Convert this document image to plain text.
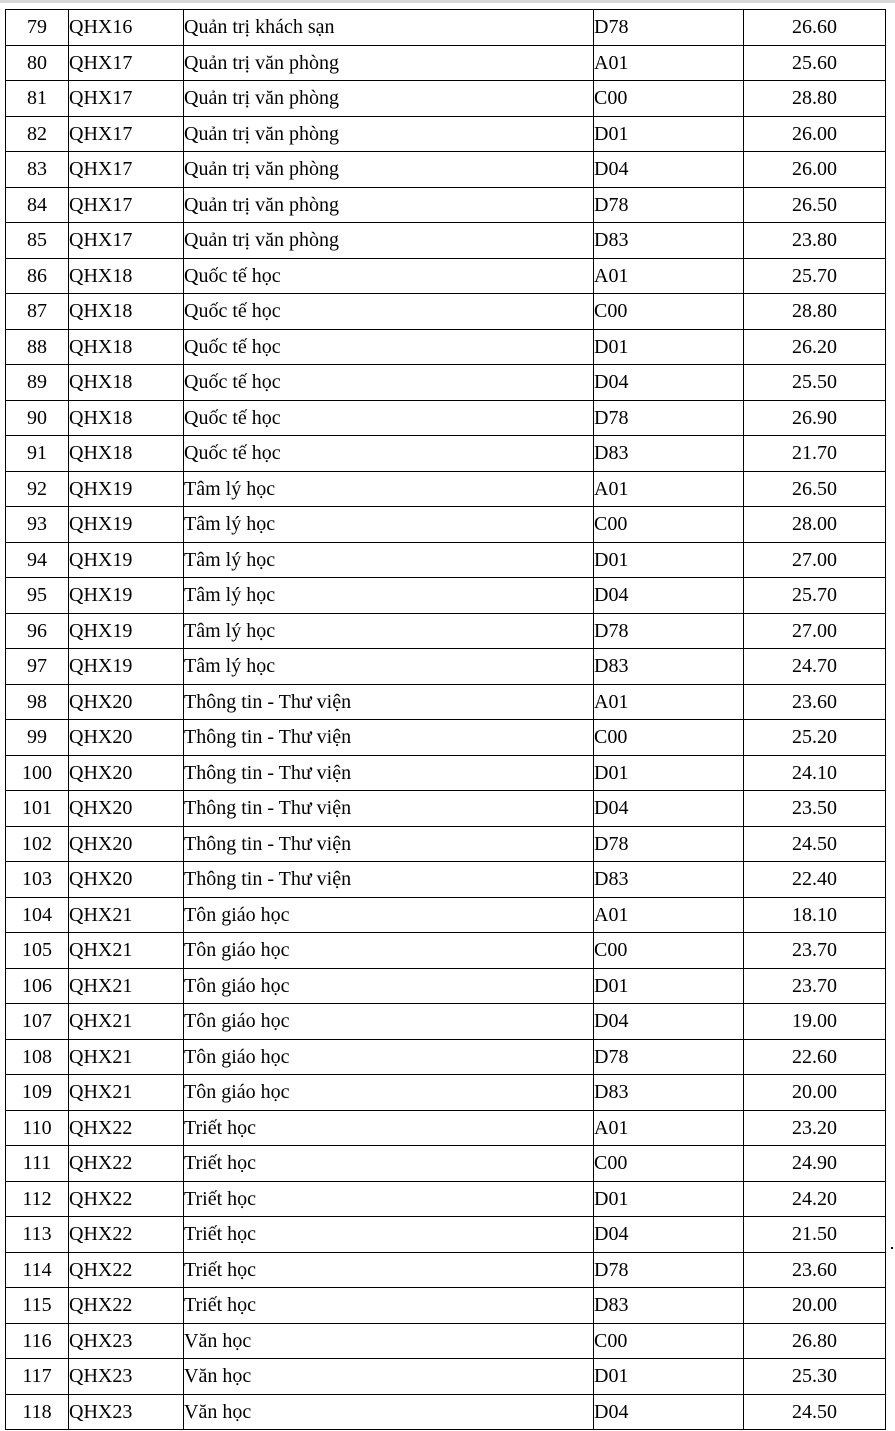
79	QHX16	Quản trị khách sạn	D78	26.60
80	QHX17	Quản trị văn phòng	A01	25.60
81	QHX17	Quản trị văn phòng	C00	28.80
82	QHX17	Quản trị văn phòng	D01	26.00
83	QHX17	Quản trị văn phòng	D04	26.00
84	QHX17	Quản trị văn phòng	D78	26.50
85	QHX17	Quản trị văn phòng	D83	23.80
86	QHX18	Quốc tế học	A01	25.70
87	QHX18	Quốc tế học	C00	28.80
88	QHX18	Quốc tế học	D01	26.20
89	QHX18	Quốc tế học	D04	25.50
90	QHX18	Quốc tế học	D78	26.90
91	QHX18	Quốc tế học	D83	21.70
92	QHX19	Tâm lý học	A01	26.50
93	QHX19	Tâm lý học	C00	28.00
94	QHX19	Tâm lý học	D01	27.00
95	QHX19	Tâm lý học	D04	25.70
96	QHX19	Tâm lý học	D78	27.00
97	QHX19	Tâm lý học	D83	24.70
98	QHX20	Thông tin - Thư viện	A01	23.60
99	QHX20	Thông tin - Thư viện	C00	25.20
100	QHX20	Thông tin - Thư viện	D01	24.10
101	QHX20	Thông tin - Thư viện	D04	23.50
102	QHX20	Thông tin - Thư viện	D78	24.50
103	QHX20	Thông tin - Thư viện	D83	22.40
104	QHX21	Tôn giáo học	A01	18.10
105	QHX21	Tôn giáo học	C00	23.70
106	QHX21	Tôn giáo học	D01	23.70
107	QHX21	Tôn giáo học	D04	19.00
108	QHX21	Tôn giáo học	D78	22.60
109	QHX21	Tôn giáo học	D83	20.00
110	QHX22	Triết học	A01	23.20
111	QHX22	Triết học	C00	24.90
112	QHX22	Triết học	D01	24.20
113	QHX22	Triết học	D04	21.50
114	QHX22	Triết học	D78	23.60
115	QHX22	Triết học	D83	20.00
116	QHX23	Văn học	C00	26.80
117	QHX23	Văn học	D01	25.30
118	QHX23	Văn học	D04	24.50
